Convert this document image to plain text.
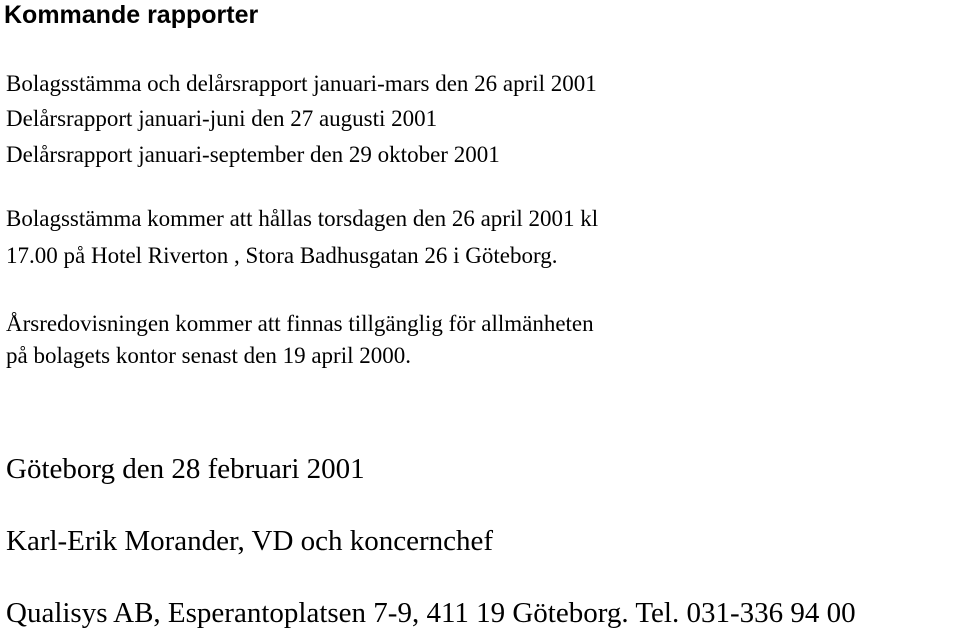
Kommande rapporter
Bolagsstämma och delårsrapport januari-mars den 26 april 2001
Delårsrapport januari-juni den 27 augusti 2001
Delårsrapport januari-september den 29 oktober 2001
Bolagsstämma kommer att hållas torsdagen den 26 april 2001 kl
17.00 på Hotel Riverton , Stora Badhusgatan 26 i Göteborg.
Årsredovisningen kommer att finnas tillgänglig för allmänheten
på bolagets kontor senast den 19 april 2000.
Göteborg den 28 februari 2001
Karl-Erik Morander, VD och koncernchef
Qualisys AB, Esperantoplatsen 7-9, 411 19 Göteborg. Tel. 031-336 94 00
